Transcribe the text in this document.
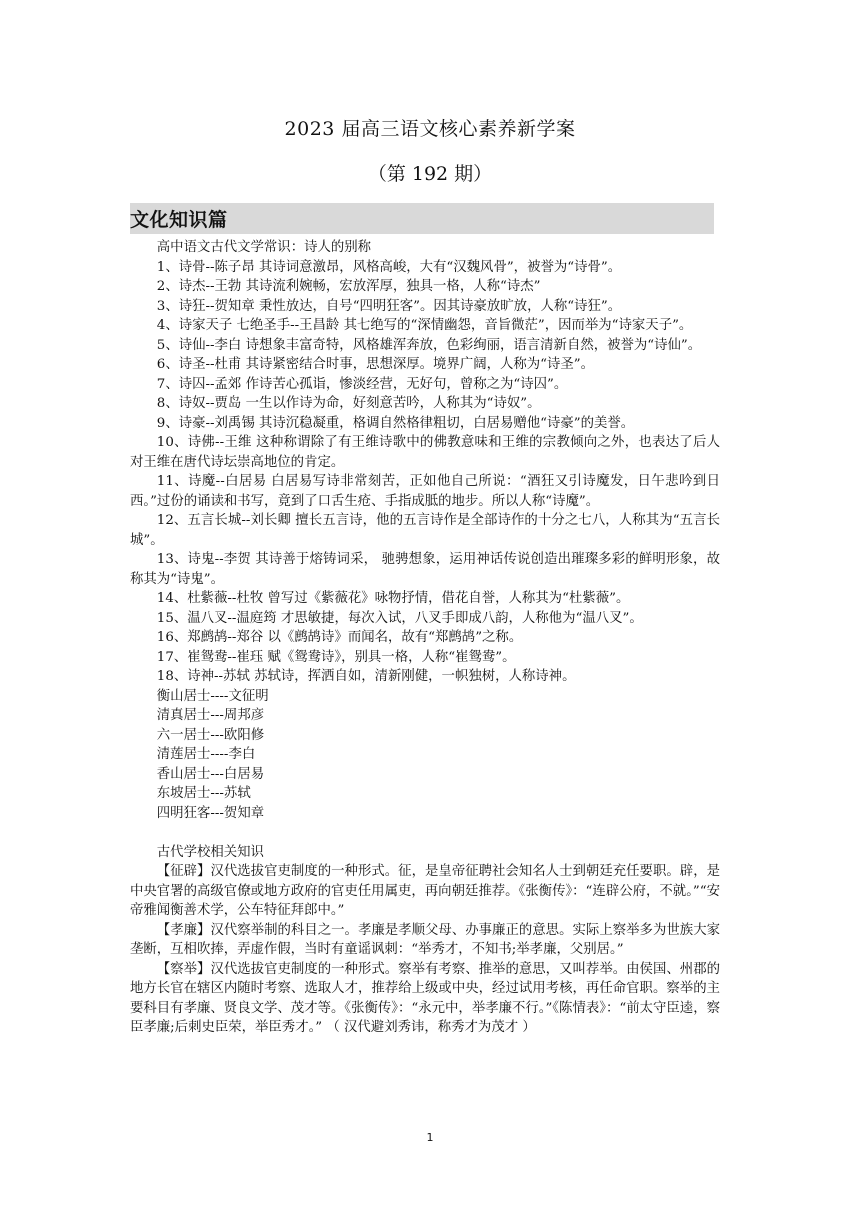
2023 届高三语文核心素养新学案
（第 192 期）
文化知识篇

高中语文古代文学常识：诗人的别称

1、诗骨--陈子昂 其诗词意激昂，风格高峻，大有“汉魏风骨”，被誉为“诗骨”。

2、诗杰--王勃 其诗流利婉畅，宏放浑厚，独具一格，人称“诗杰”

3、诗狂--贺知章 秉性放达，自号“四明狂客”。因其诗豪放旷放，人称“诗狂”。

4、诗家天子 七绝圣手--王昌龄 其七绝写的“深情幽怨，音旨微茫”，因而举为“诗家天子”。

5、诗仙--李白 诗想象丰富奇特，风格雄浑奔放，色彩绚丽，语言清新自然，被誉为“诗仙”。

6、诗圣--杜甫 其诗紧密结合时事，思想深厚。境界广阔，人称为“诗圣”。

7、诗囚--孟郊 作诗苦心孤诣，惨淡经营，无好句，曾称之为“诗囚”。

8、诗奴--贾岛 一生以作诗为命，好刻意苦吟，人称其为“诗奴”。

9、诗豪--刘禹锡 其诗沉稳凝重，格调自然格律粗切，白居易赠他“诗豪”的美誉。

10、诗佛--王维 这种称谓除了有王维诗歌中的佛教意味和王维的宗教倾向之外，也表达了后人对王维在唐代诗坛崇高地位的肯定。

11、诗魔--白居易 白居易写诗非常刻苦，正如他自己所说：“酒狂又引诗魔发，日午悲吟到日西。”过份的诵读和书写，竟到了口舌生疮、手指成胝的地步。所以人称“诗魔”。

12、五言长城--刘长卿 擅长五言诗，他的五言诗作是全部诗作的十分之七八，人称其为“五言长城”。

13、诗鬼--李贺 其诗善于熔铸词采， 驰骋想象，运用神话传说创造出璀璨多彩的鲜明形象，故称其为“诗鬼”。

14、杜紫薇--杜牧 曾写过《紫薇花》咏物抒情，借花自誉，人称其为“杜紫薇”。

15、温八叉--温庭筠 才思敏捷，每次入试，八叉手即成八韵，人称他为“温八叉”。

16、郑鹧鸪--郑谷 以《鹧鸪诗》而闻名，故有“郑鹧鸪”之称。

17、崔鸳鸯--崔珏 赋《鸳鸯诗》，别具一格，人称“崔鸳鸯”。

18、诗神--苏轼 苏轼诗，挥洒自如，清新刚健，一帜独树，人称诗神。

衡山居士----文征明

清真居士---周邦彦

六一居士---欧阳修

清莲居士----李白

香山居士---白居易

东坡居士---苏轼

四明狂客---贺知章

古代学校相关知识

【征辟】汉代选拔官吏制度的一种形式。征，是皇帝征聘社会知名人士到朝廷充任要职。辟，是中央官署的高级官僚或地方政府的官吏任用属吏，再向朝廷推荐。《张衡传》：“连辟公府，不就。”“安帝雅闻衡善术学，公车特征拜郎中。”

【孝廉】汉代察举制的科目之一。孝廉是孝顺父母、办事廉正的意思。实际上察举多为世族大家垄断，互相吹捧，弄虚作假，当时有童谣讽刺：“举秀才，不知书;举孝廉，父别居。”

【察举】汉代选拔官吏制度的一种形式。察举有考察、推举的意思，又叫荐举。由侯国、州郡的地方长官在辖区内随时考察、选取人才，推荐给上级或中央，经过试用考核，再任命官职。察举的主要科目有孝廉、贤良文学、茂才等。《张衡传》：“永元中，举孝廉不行。”《陈情表》：“前太守臣逵，察臣孝廉;后刺史臣荣，举臣秀才。” （ 汉代避刘秀讳，称秀才为茂才 ）

1
